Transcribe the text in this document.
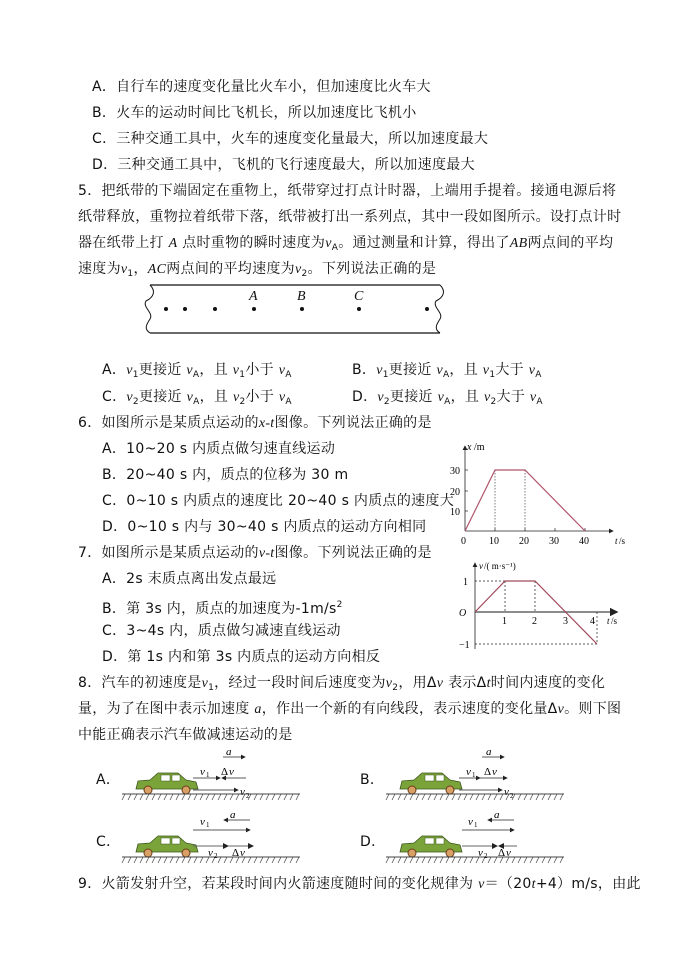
A．自行车的速度变化量比火车小，但加速度比火车大
B．火车的运动时间比飞机长，所以加速度比飞机小
C．三种交通工具中，火车的速度变化量最大，所以加速度最大
D．三种交通工具中，飞机的飞行速度最大，所以加速度最大
5．把纸带的下端固定在重物上，纸带穿过打点计时器，上端用手提着。接通电源后将
纸带释放，重物拉着纸带下落，纸带被打出一系列点，其中一段如图所示。设打点计时
器在纸带上打 A 点时重物的瞬时速度为$v_A$。通过测量和计算，得出了AB两点间的平均
速度为$v_1$，AC两点间的平均速度为$v_2$。下列说法正确的是
A	B	C
A．$v_1$更接近 $v_A$，且 $v_1$小于 $v_A$	B．$v_1$更接近 $v_A$，且 $v_1$大于 $v_A$
C．$v_2$更接近 $v_A$，且 $v_2$小于 $v_A$	D．$v_2$更接近 $v_A$，且 $v_2$大于 $v_A$
6．如图所示是某质点运动的x-t图像。下列说法正确的是
A．10~20 s 内质点做匀速直线运动
B．20~40 s 内，质点的位移为 30 m
C．0~10 s 内质点的速度比 20~40 s 内质点的速度大
D．0~10 s 内与 30~40 s 内质点的运动方向相同
x /m
30
20
10
0 10 20 30 40	t /s
7．如图所示是某质点运动的v-t图像。下列说法正确的是
A．2s 末质点离出发点最远
B．第 3s 内，质点的加速度为$-1m/s^2$
C．3~4s 内，质点做匀减速直线运动
D．第 1s 内和第 3s 内质点的运动方向相反
v /( m·s⁻¹)
1
O
−1
1	2	3 4 t /s
8．汽车的初速度是$v_1$，经过一段时间后速度变为$v_2$，用Δv 表示Δt时间内速度的变化
量，为了在图中表示加速度 a，作出一个新的有向线段，表示速度的变化量Δv。则下图
中能正确表示汽车做减速运动的是
A．	B．
C．	D．
a
v 1 Δ v
v 2
a
v 1 Δ v
v 2
a
v 1
v 2 Δ v
a
v 1
v 2 Δ v
9．火箭发射升空，若某段时间内火箭速度随时间的变化规律为 v＝（20t+4）m/s，由此
